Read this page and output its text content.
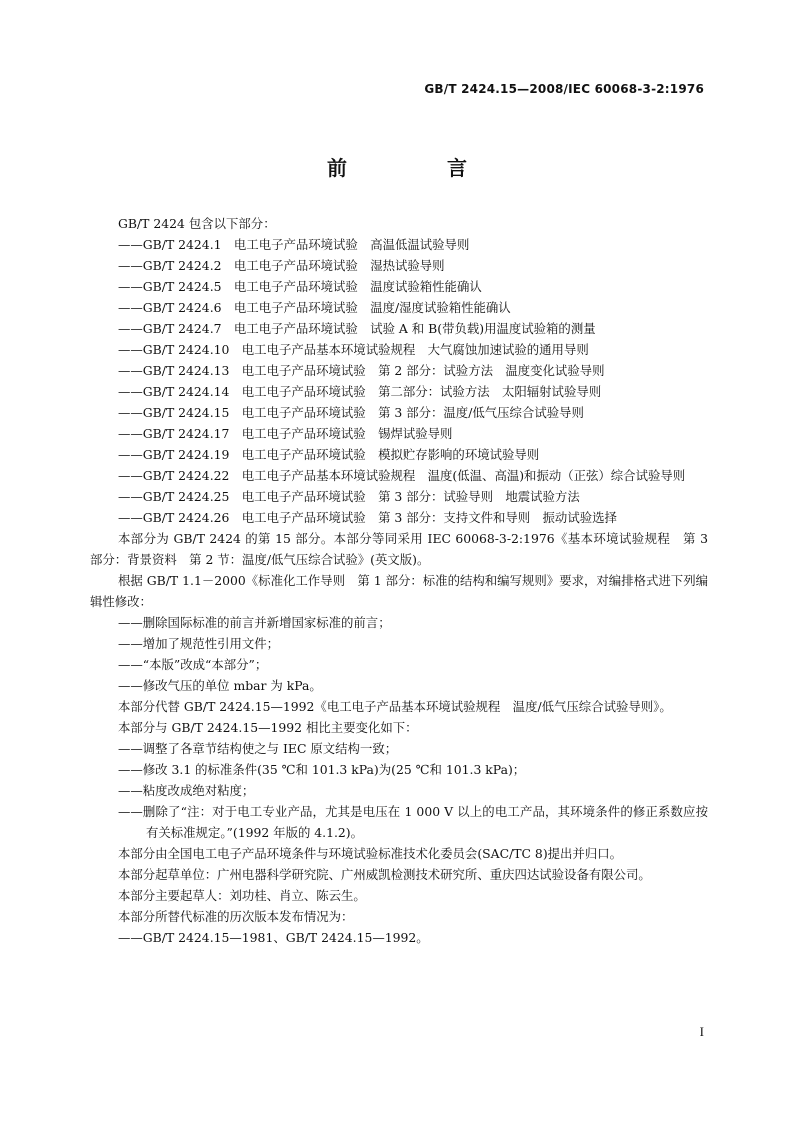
GB/T 2424.15—2008/IEC 60068-3-2:1976
前　言

GB/T 2424 包含以下部分：

——GB/T 2424.1　电工电子产品环境试验　高温低温试验导则

——GB/T 2424.2　电工电子产品环境试验　湿热试验导则

——GB/T 2424.5　电工电子产品环境试验　温度试验箱性能确认

——GB/T 2424.6　电工电子产品环境试验　温度/湿度试验箱性能确认

——GB/T 2424.7　电工电子产品环境试验　试验 A 和 B(带负载)用温度试验箱的测量

——GB/T 2424.10　电工电子产品基本环境试验规程　大气腐蚀加速试验的通用导则

——GB/T 2424.13　电工电子产品环境试验　第 2 部分：试验方法　温度变化试验导则

——GB/T 2424.14　电工电子产品环境试验　第二部分：试验方法　太阳辐射试验导则

——GB/T 2424.15　电工电子产品环境试验　第 3 部分：温度/低气压综合试验导则

——GB/T 2424.17　电工电子产品环境试验　锡焊试验导则

——GB/T 2424.19　电工电子产品环境试验　模拟贮存影响的环境试验导则

——GB/T 2424.22　电工电子产品基本环境试验规程　温度(低温、高温)和振动（正弦）综合试验导则

——GB/T 2424.25　电工电子产品环境试验　第 3 部分：试验导则　地震试验方法

——GB/T 2424.26　电工电子产品环境试验　第 3 部分：支持文件和导则　振动试验选择

本部分为 GB/T 2424 的第 15 部分。本部分等同采用 IEC 60068-3-2:1976《基本环境试验规程　第 3 部分：背景资料　第 2 节：温度/低气压综合试验》(英文版)。

根据 GB/T 1.1－2000《标准化工作导则　第 1 部分：标准的结构和编写规则》要求，对编排格式进下列编辑性修改：

——删除国际标准的前言并新增国家标准的前言；

——增加了规范性引用文件；

——“本版”改成“本部分”；

——修改气压的单位 mbar 为 kPa。

本部分代替 GB/T 2424.15—1992《电工电子产品基本环境试验规程　温度/低气压综合试验导则》。

本部分与 GB/T 2424.15—1992 相比主要变化如下：

——调整了各章节结构使之与 IEC 原文结构一致；

——修改 3.1 的标准条件(35 ℃和 101.3 kPa)为(25 ℃和 101.3 kPa)；

——粘度改成绝对粘度；

——删除了“注：对于电工专业产品，尤其是电压在 1 000 V 以上的电工产品，其环境条件的修正系数应按有关标准规定。”(1992 年版的 4.1.2)。

本部分由全国电工电子产品环境条件与环境试验标准技术化委员会(SAC/TC 8)提出并归口。

本部分起草单位：广州电器科学研究院、广州威凯检测技术研究所、重庆四达试验设备有限公司。

本部分主要起草人：刘功桂、肖立、陈云生。

本部分所替代标准的历次版本发布情况为：

——GB/T 2424.15—1981、GB/T 2424.15—1992。

I
